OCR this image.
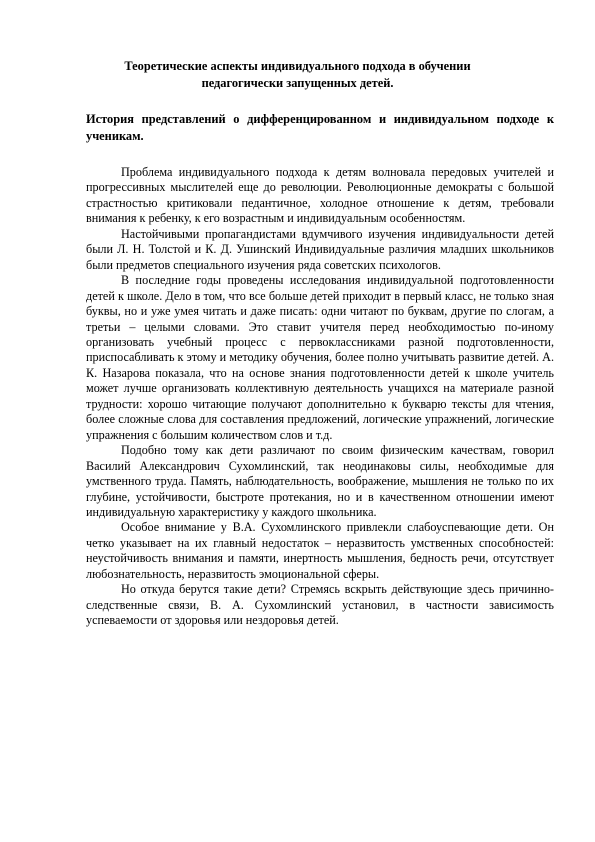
Теоретические аспекты индивидуального подхода в обучении
педагогически запущенных детей.
История представлений о дифференцированном и индивидуальном подходе к ученикам.

Проблема индивидуального подхода к детям волновала передовых учителей и прогрессивных мыслителей еще до революции. Революционные демократы с большой страстностью критиковали педантичное, холодное отношение к детям, требовали внимания к ребенку, к его возрастным и индивидуальным особенностям.

Настойчивыми пропагандистами вдумчивого изучения индивидуальности детей были Л. Н. Толстой и К. Д. Ушинский Индивидуальные различия младших школьников были предметов специального изучения ряда советских психологов.

В последние годы проведены исследования индивидуальной подготовленности детей к школе. Дело в том, что все больше детей приходит в первый класс, не только зная буквы, но и уже умея читать и даже писать: одни читают по буквам, другие по слогам, а третьи – целыми словами. Это ставит учителя перед необходимостью по-иному организовать учебный процесс с первоклассниками разной подготовленности, приспосабливать к этому и методику обучения, более полно учитывать развитие детей. А. К. Назарова показала, что на основе знания подготовленности детей к школе учитель может лучше организовать коллективную деятельность учащихся на материале разной трудности: хорошо читающие получают дополнительно к букварю тексты для чтения, более сложные слова для составления предложений, логические упражнений, логические упражнения с большим количеством слов и т.д.

Подобно тому как дети различают по своим физическим качествам, говорил Василий Александрович Сухомлинский, так неодинаковы силы, необходимые для умственного труда. Память, наблюдательность, воображение, мышления не только по их глубине, устойчивости, быстроте протекания, но и в качественном отношении имеют индивидуальную характеристику у каждого школьника.

Особое внимание у В.А. Сухомлинского привлекли слабоуспевающие дети. Он четко указывает на их главный недостаток – неразвитость умственных способностей: неустойчивость внимания и памяти, инертность мышления, бедность речи, отсутствует любознательность, неразвитость эмоциональной сферы.

Но откуда берутся такие дети? Стремясь вскрыть действующие здесь причинно- следственные связи, В. А. Сухомлинский установил, в частности зависимость успеваемости от здоровья или нездоровья детей.
